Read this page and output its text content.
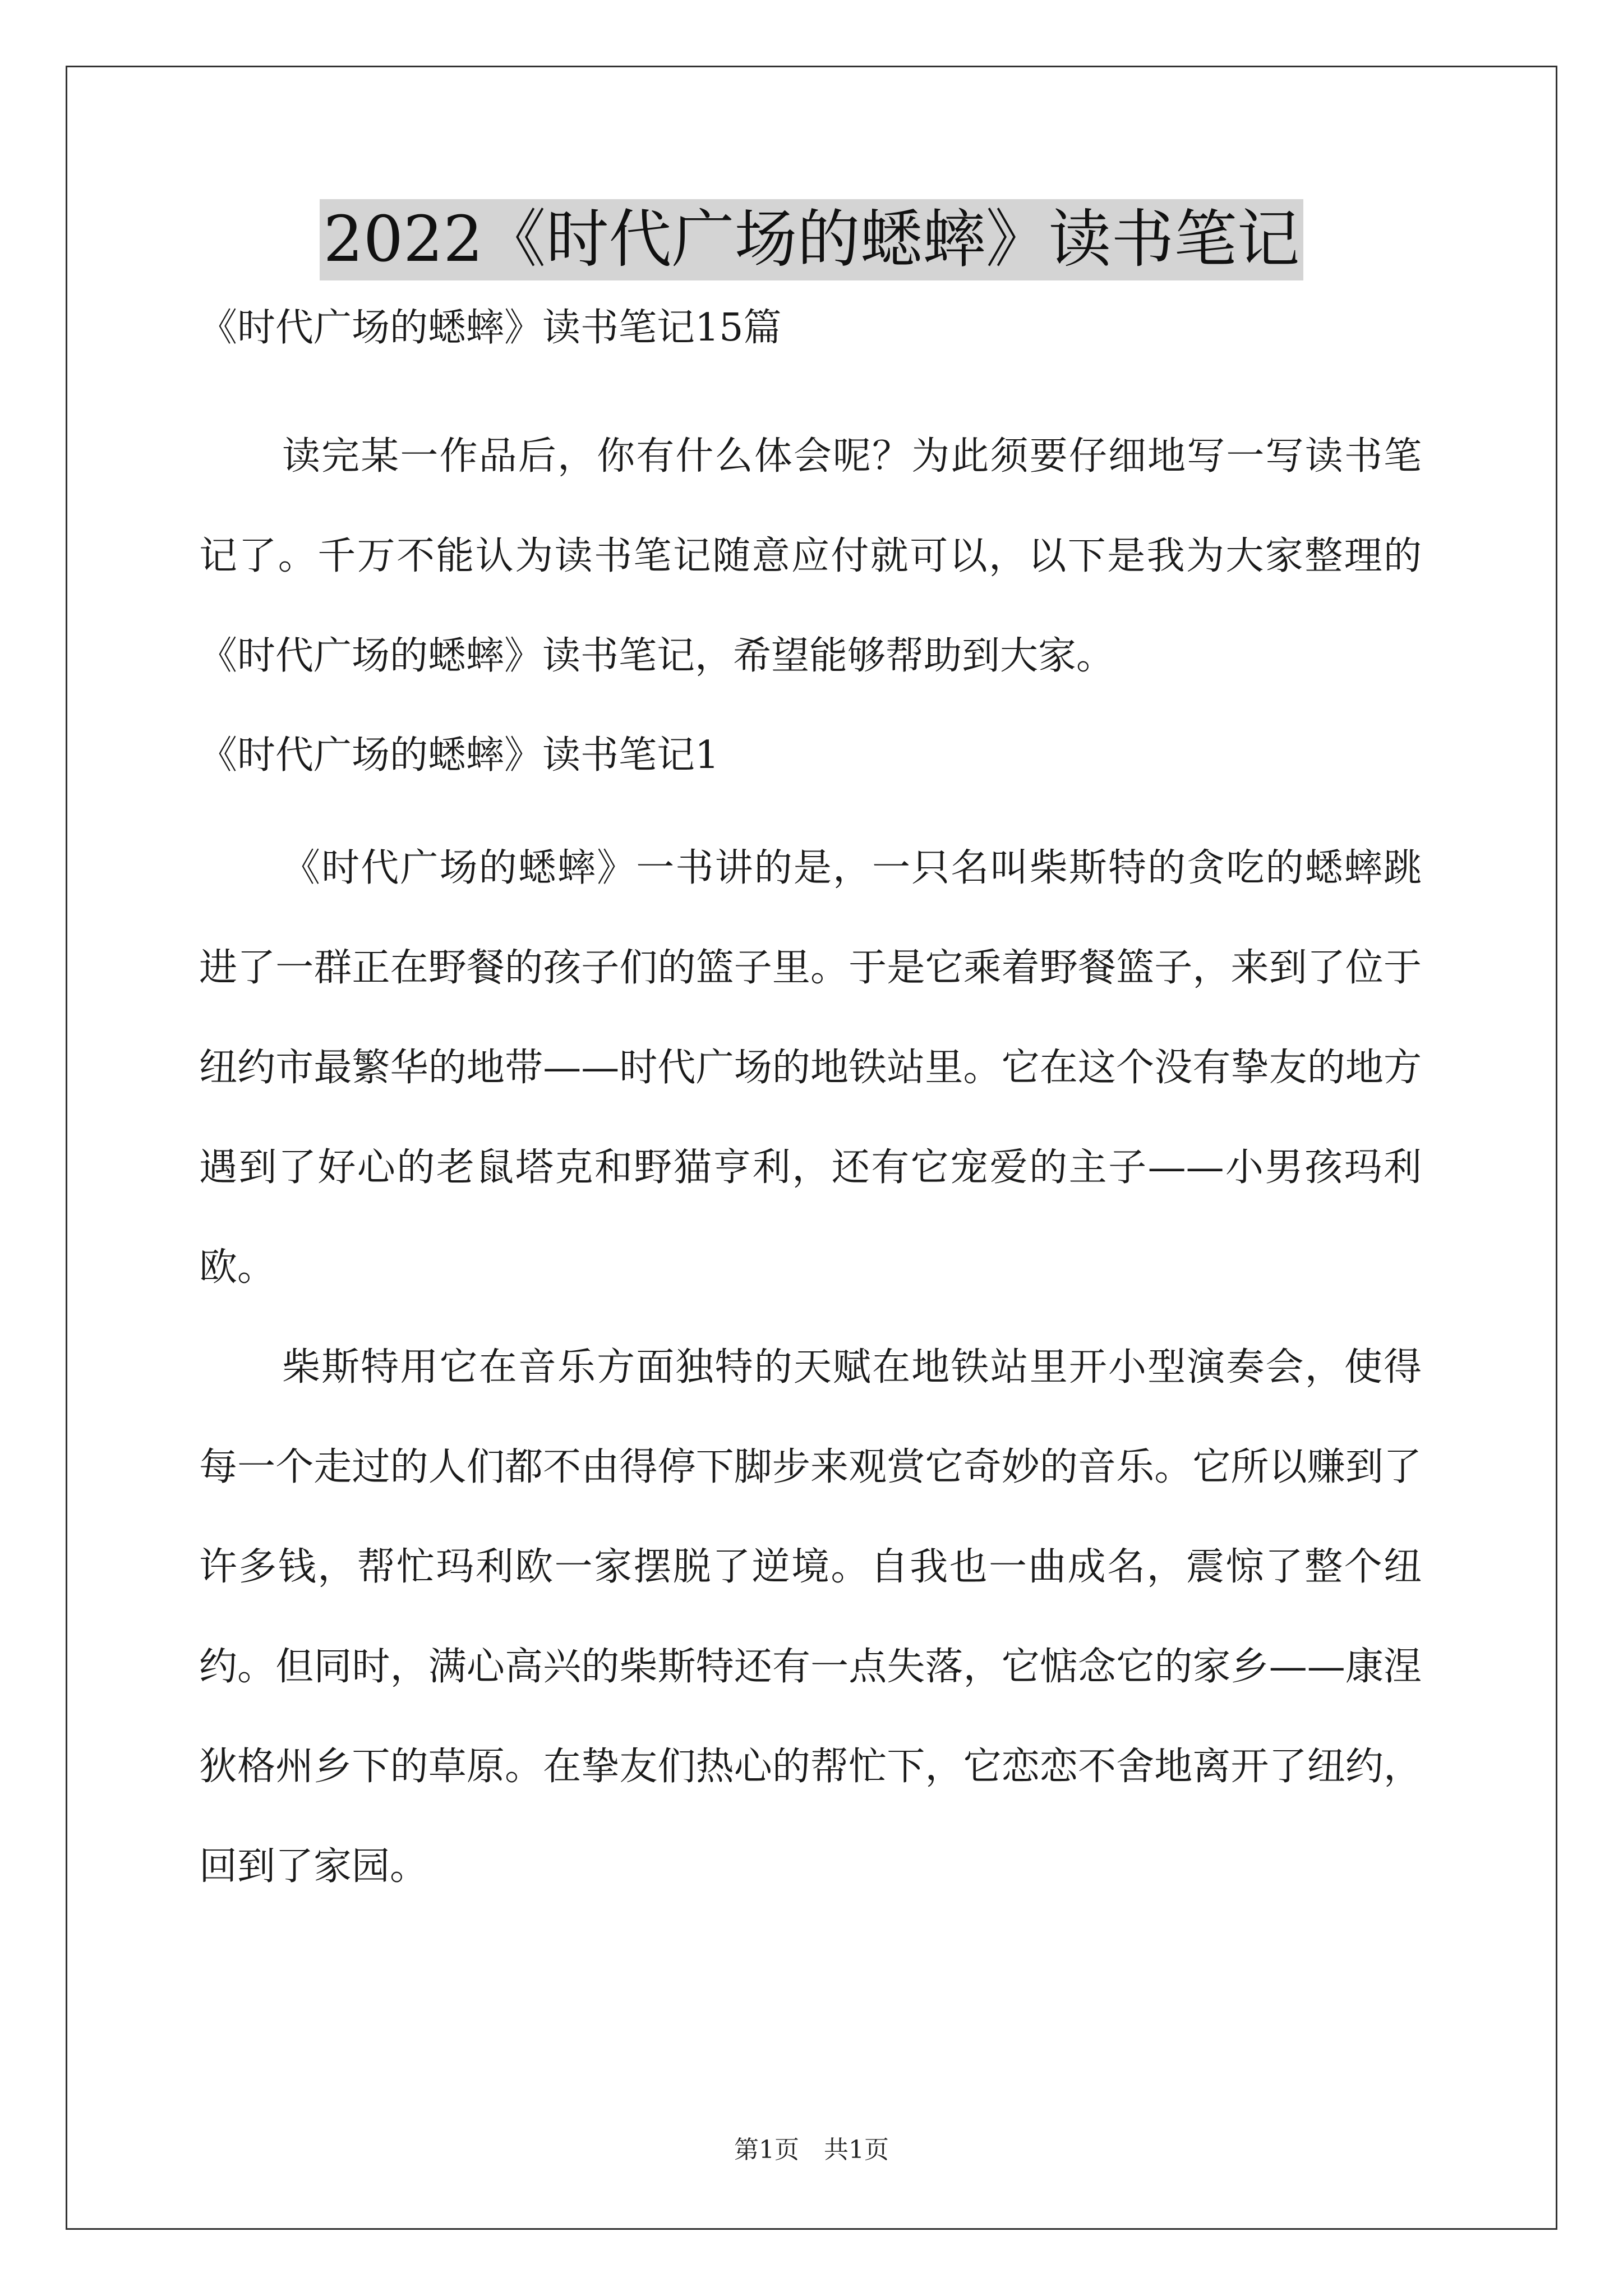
2022《时代广场的蟋蟀》读书笔记
《时代广场的蟋蟀》读书笔记15篇

读完某一作品后，你有什么体会呢？为此须要仔细地写一写读书笔记了。千万不能认为读书笔记随意应付就可以，以下是我为大家整理的《时代广场的蟋蟀》读书笔记，希望能够帮助到大家。

《时代广场的蟋蟀》读书笔记1

《时代广场的蟋蟀》一书讲的是，一只名叫柴斯特的贪吃的蟋蟀跳进了一群正在野餐的孩子们的篮子里。于是它乘着野餐篮子，来到了位于纽约市最繁华的地带——时代广场的地铁站里。它在这个没有挚友的地方遇到了好心的老鼠塔克和野猫亨利，还有它宠爱的主子——小男孩玛利欧。

柴斯特用它在音乐方面独特的天赋在地铁站里开小型演奏会，使得每一个走过的人们都不由得停下脚步来观赏它奇妙的音乐。它所以赚到了许多钱，帮忙玛利欧一家摆脱了逆境。自我也一曲成名，震惊了整个纽约。但同时，满心高兴的柴斯特还有一点失落，它惦念它的家乡——康涅狄格州乡下的草原。在挚友们热心的帮忙下，它恋恋不舍地离开了纽约，回到了家园。

第1页　共1页
